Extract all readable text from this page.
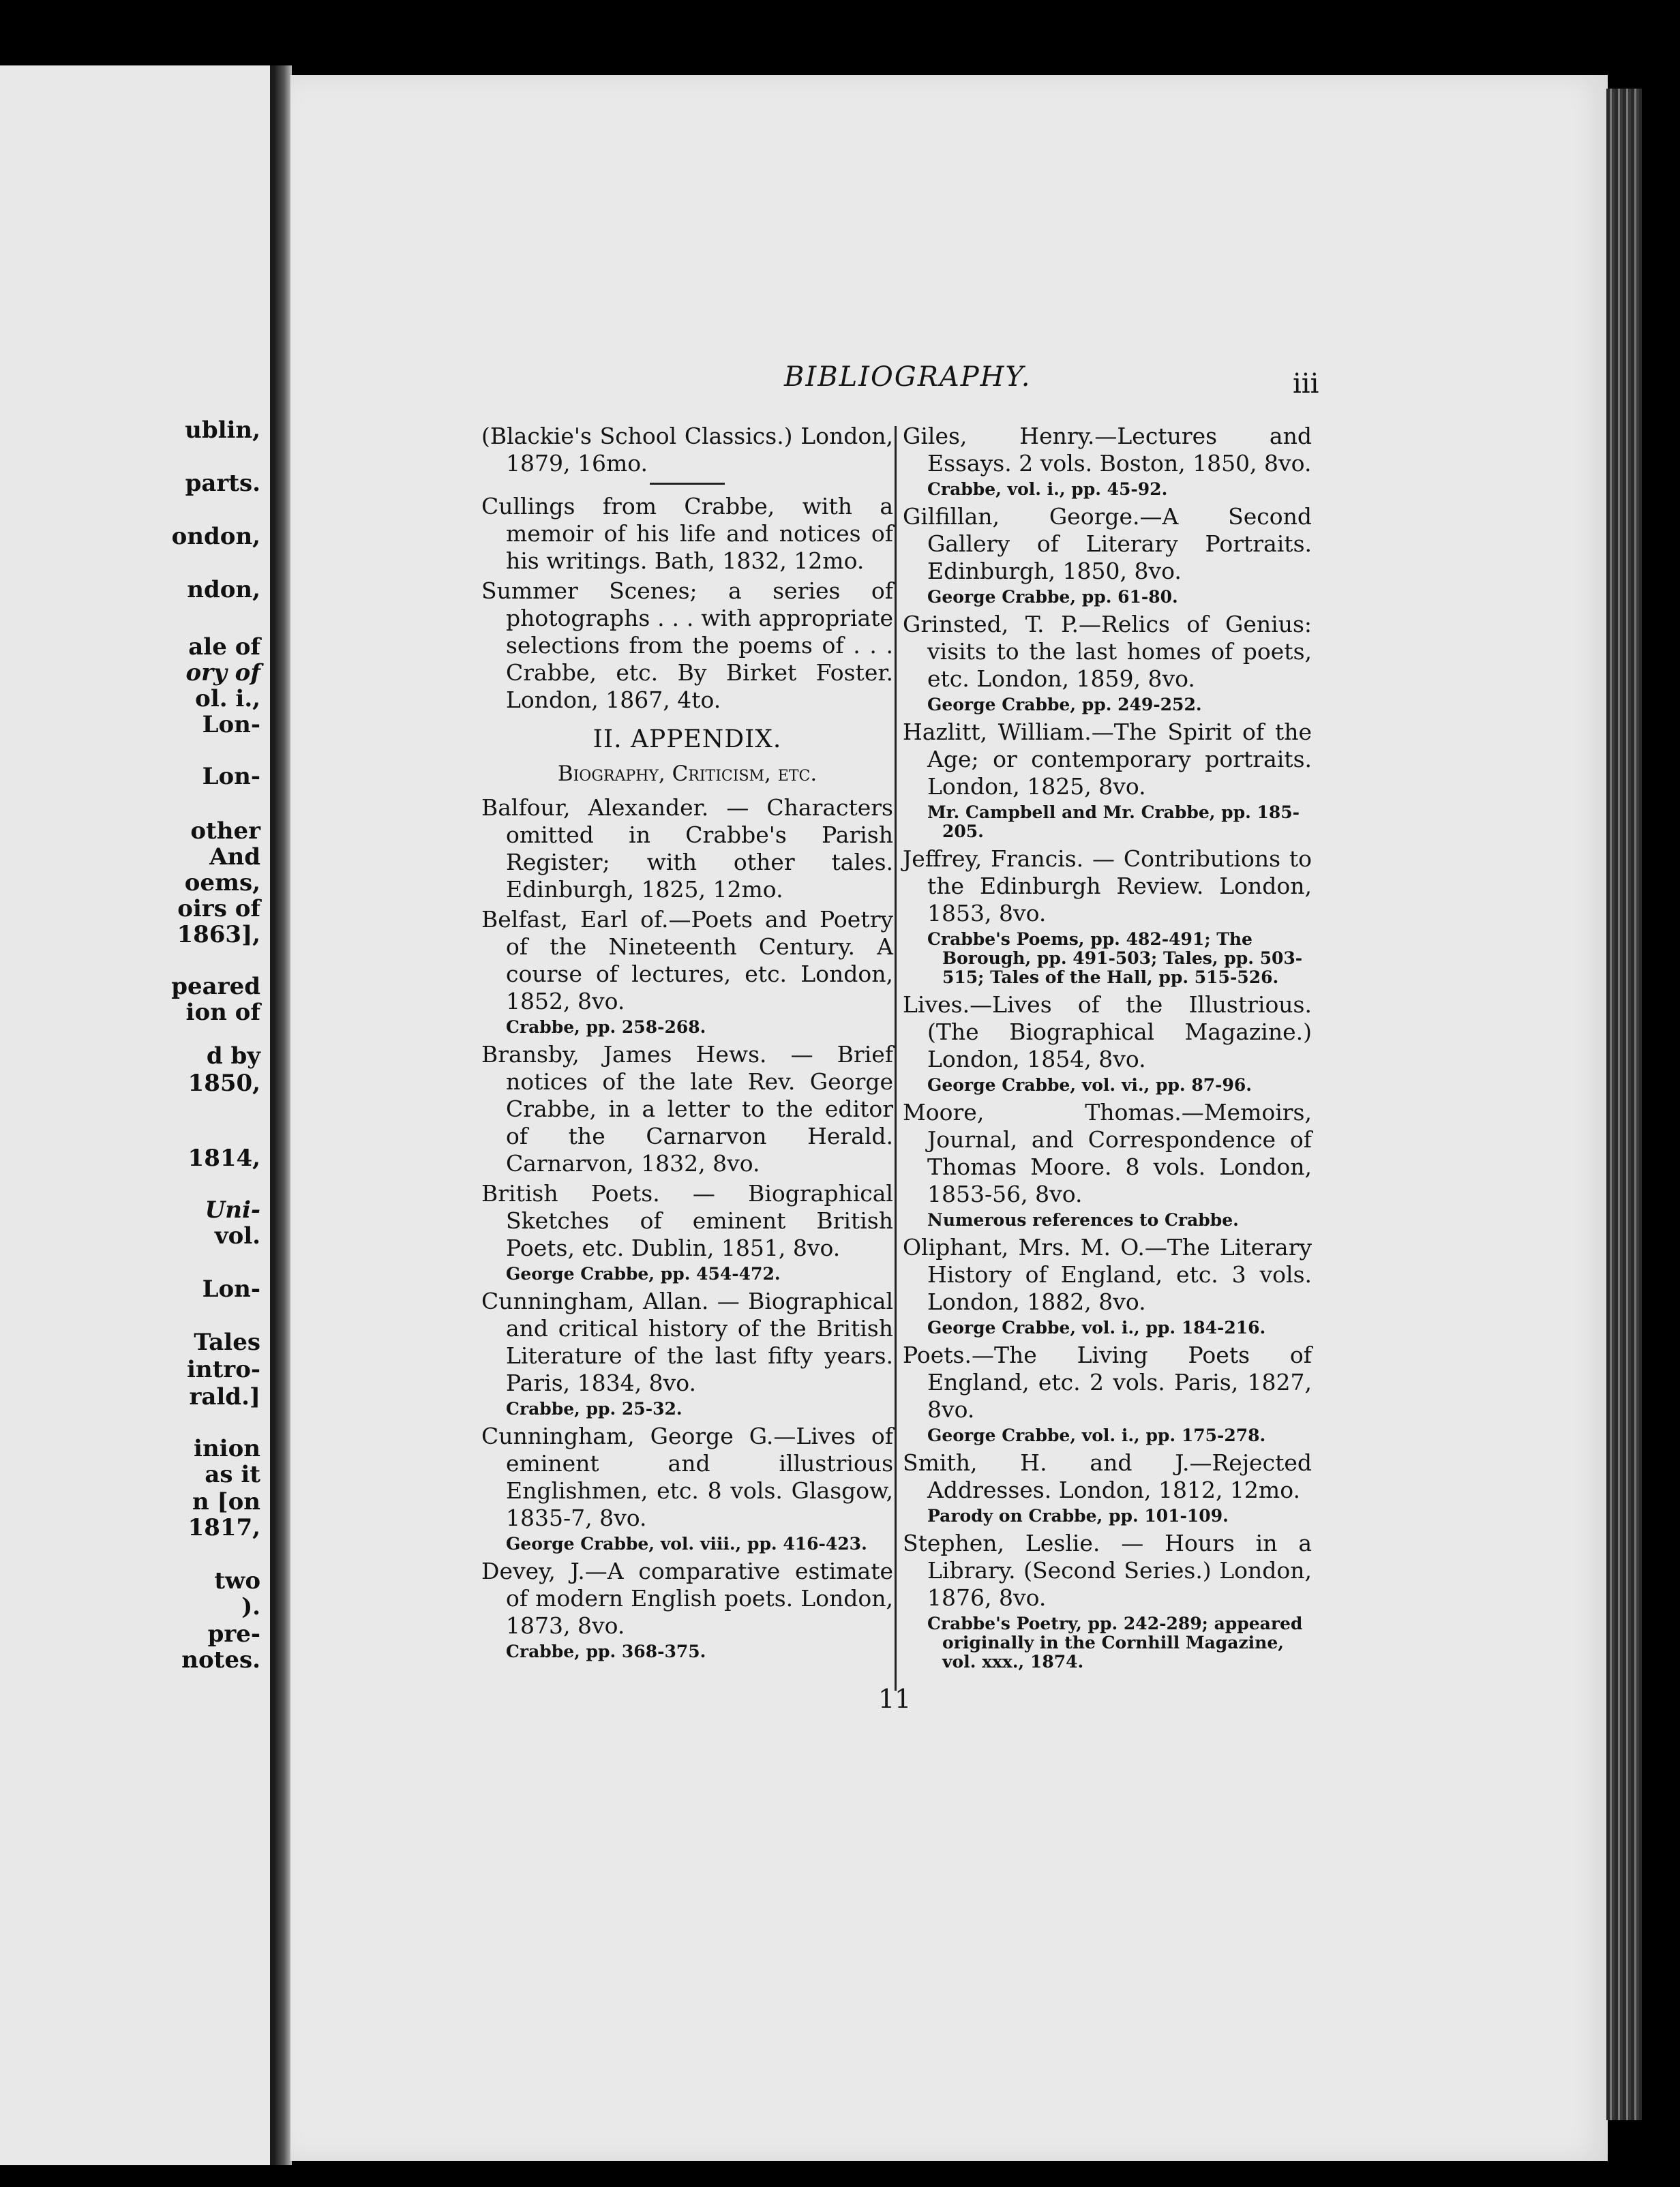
ublin,
parts.
ondon,
ndon,
ale of
ory of
ol. i.,
Lon-
Lon-
other
And
oems,
oirs of
1863],
peared
ion of
d by
1850,
1814,
Uni-
vol.
Lon-
Tales
intro-
rald.]
inion
as it
n [on
1817,
two
).
pre-
notes.
BIBLIOGRAPHY.	iii

(Blackie's School Classics.) London, 1879, 16mo.

Cullings from Crabbe, with a memoir of his life and notices of his writings. Bath, 1832, 12mo.

Summer Scenes; a series of photographs . . . with appropriate selections from the poems of . . . Crabbe, etc. By Birket Foster. London, 1867, 4to.

II. APPENDIX.
Biography, Criticism, etc.

Balfour, Alexander. — Characters omitted in Crabbe's Parish Register; with other tales. Edinburgh, 1825, 12mo.

Belfast, Earl of.—Poets and Poetry of the Nineteenth Century. A course of lectures, etc. London, 1852, 8vo.

Crabbe, pp. 258-268.

Bransby, James Hews. — Brief notices of the late Rev. George Crabbe, in a letter to the editor of the Carnarvon Herald. Carnarvon, 1832, 8vo.

British Poets. — Biographical Sketches of eminent British Poets, etc. Dublin, 1851, 8vo.

George Crabbe, pp. 454-472.

Cunningham, Allan. — Biographical and critical history of the British Literature of the last fifty years. Paris, 1834, 8vo.

Crabbe, pp. 25-32.

Cunningham, George G.—Lives of eminent and illustrious Englishmen, etc. 8 vols. Glasgow, 1835-7, 8vo.

George Crabbe, vol. viii., pp. 416-423.

Devey, J.—A comparative estimate of modern English poets. London, 1873, 8vo.

Crabbe, pp. 368-375.

Giles, Henry.—Lectures and Essays. 2 vols. Boston, 1850, 8vo.

Crabbe, vol. i., pp. 45-92.

Gilfillan, George.—A Second Gallery of Literary Portraits. Edinburgh, 1850, 8vo.

George Crabbe, pp. 61-80.

Grinsted, T. P.—Relics of Genius: visits to the last homes of poets, etc. London, 1859, 8vo.

George Crabbe, pp. 249-252.

Hazlitt, William.—The Spirit of the Age; or contemporary portraits. London, 1825, 8vo.

Mr. Campbell and Mr. Crabbe, pp. 185-205.

Jeffrey, Francis. — Contributions to the Edinburgh Review. London, 1853, 8vo.

Crabbe's Poems, pp. 482-491; The Borough, pp. 491-503; Tales, pp. 503-515; Tales of the Hall, pp. 515-526.

Lives.—Lives of the Illustrious. (The Biographical Magazine.) London, 1854, 8vo.

George Crabbe, vol. vi., pp. 87-96.

Moore, Thomas.—Memoirs, Journal, and Correspondence of Thomas Moore. 8 vols. London, 1853-56, 8vo.

Numerous references to Crabbe.

Oliphant, Mrs. M. O.—The Literary History of England, etc. 3 vols. London, 1882, 8vo.

George Crabbe, vol. i., pp. 184-216.

Poets.—The Living Poets of England, etc. 2 vols. Paris, 1827, 8vo.

George Crabbe, vol. i., pp. 175-278.

Smith, H. and J.—Rejected Addresses. London, 1812, 12mo.

Parody on Crabbe, pp. 101-109.

Stephen, Leslie. — Hours in a Library. (Second Series.) London, 1876, 8vo.

Crabbe's Poetry, pp. 242-289; appeared originally in the Cornhill Magazine, vol. xxx., 1874.

11
